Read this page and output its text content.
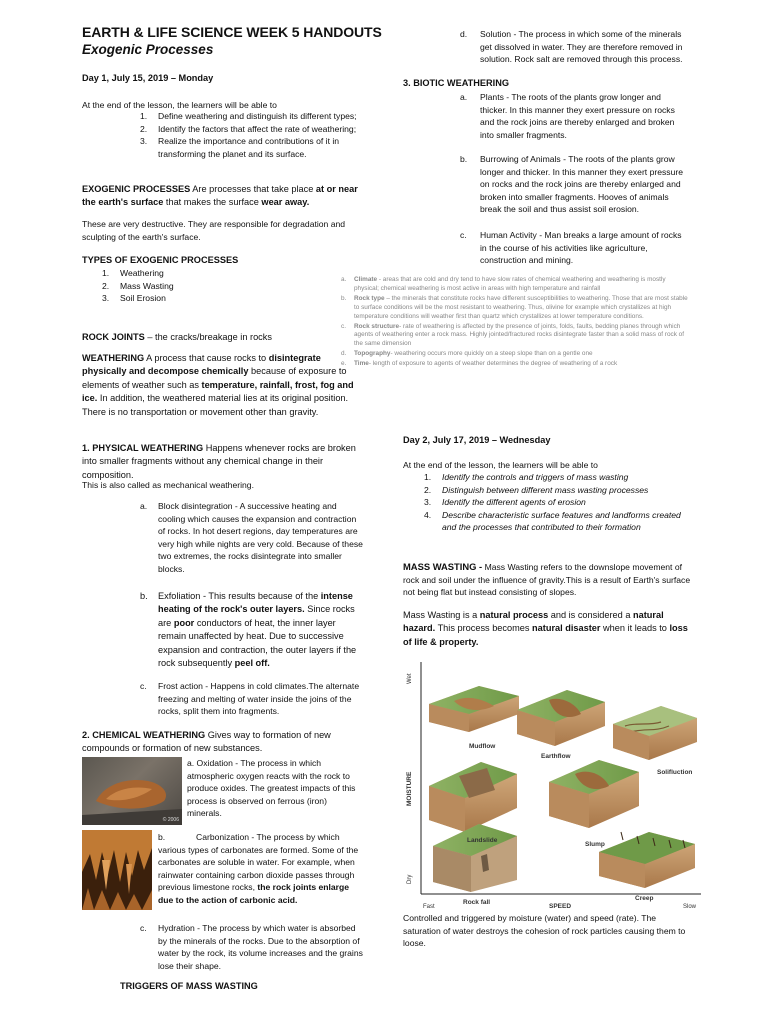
EARTH & LIFE SCIENCE WEEK 5 HANDOUTS
Exogenic Processes
Day 1, July 15, 2019 – Monday
At the end of the lesson, the learners will be able to
1.	Define weathering and distinguish its different types;
2.	Identify the factors that affect the rate of weathering;
3.	Realize the importance and contributions of it in transforming the planet and its surface.
EXOGENIC PROCESSES Are processes that take place at or near the earth's surface that makes the surface wear away.
These are very destructive. They are responsible for degradation and sculpting of the earth's surface.
TYPES OF EXOGENIC PROCESSES
1.	Weathering
2.	Mass Wasting
3.	Soil Erosion
ROCK JOINTS – the cracks/breakage in rocks
WEATHERING A process that cause rocks to disintegrate physically and decompose chemically because of exposure to elements of weather such as temperature, rainfall, frost, fog and ice. In addition, the weathered material lies at its original position. There is no transportation or movement other than gravity.
1. PHYSICAL WEATHERING Happens whenever rocks are broken into smaller fragments without any chemical change in their composition.
This is also called as mechanical weathering.
a.	Block disintegration - A successive heating and cooling which causes the expansion and contraction of rocks. In hot desert regions, day temperatures are very high while nights are very cold. Because of these two extremes, the rocks disintegrate into smaller blocks.
b.	Exfoliation - This results because of the intense heating of the rock's outer layers. Since rocks are poor conductors of heat, the inner layer remain unaffected by heat. Due to successive expansion and contraction, the outer layers if the rock subsequently peel off.
c.	Frost action - Happens in cold climates.The alternate freezing and melting of water inside the joins of the rocks, split them into fragments.
2. CHEMICAL WEATHERING Gives way to formation of new compounds or formation of new substances.
© 2006
a. Oxidation - The process in which atmospheric oxygen reacts with the rock to produce oxides. The greatest impacts of this process is observed on ferrous (iron) minerals.
b.	Carbonization - The process by which various types of carbonates are formed. Some of the carbonates are soluble in water. For example, when rainwater containing carbon dioxide passes through previous limestone rocks, the rock joints enlarge due to the action of carbonic acid.
c.	Hydration - The process by which water is absorbed by the minerals of the rocks. Due to the absorption of water by the rock, its volume increases and the grains lose their shape.
TRIGGERS OF MASS WASTING
d.	Solution - The process in which some of the minerals get dissolved in water. They are therefore removed in solution. Rock salt are removed through this process.
3. BIOTIC WEATHERING
a.	Plants - The roots of the plants grow longer and thicker. In this manner they exert pressure on rocks and the rock joins are thereby enlarged and broken into smaller fragments.
b.	Burrowing of Animals - The roots of the plants grow longer and thicker. In this manner they exert pressure on rocks and the rock joins are thereby enlarged and broken into smaller fragments. Hooves of animals break the soil and thus assist soil erosion.
c.	Human Activity - Man breaks a large amount of rocks in the course of his activities like agriculture, construction and mining.
a.	Climate - areas that are cold and dry tend to have slow rates of chemical weathering and weathering is mostly physical; chemical weathering is most active in areas with high temperature and rainfall
b.	Rock type – the minerals that constitute rocks have different susceptibilities to weathering. Those that are most stable to surface conditions will be the most resistant to weathering. Thus, olivine for example which crystallizes at high temperature conditions will weather first than quartz which crystallizes at lower temperature conditions.
c.	Rock structure- rate of weathering is affected by the presence of joints, folds, faults, bedding planes through which agents of weathering enter a rock mass. Highly jointed/fractured rocks disintegrate faster than a solid mass of rock of the same dimension
d.	Topography- weathering occurs more quickly on a steep slope than on a gentle one
e.	Time- length of exposure to agents of weather determines the degree of weathering of a rock
Day 2, July 17, 2019 – Wednesday
At the end of the lesson, the learners will be able to
1.	Identify the controls and triggers of mass wasting
2.	Distinguish between different mass wasting processes
3.	Identify the different agents of erosion
4.	Describe characteristic surface features and landforms created and the processes that contributed to their formation
MASS WASTING - Mass Wasting refers to the downslope movement of rock and soil under the influence of gravity.This is a result of Earth's surface not being flat but instead consisting of slopes.
Mass Wasting is a natural process and is considered a natural hazard. This process becomes natural disaster when it leads to loss of life & property.
Mudflow
Earthflow
Solifluction
Landslide
Slump
Rock fall
Creep
Wet
MOISTURE
Dry
Fast	SPEED	Slow
Controlled and triggered by moisture (water) and speed (rate). The saturation of water destroys the cohesion of rock particles causing them to loose.
